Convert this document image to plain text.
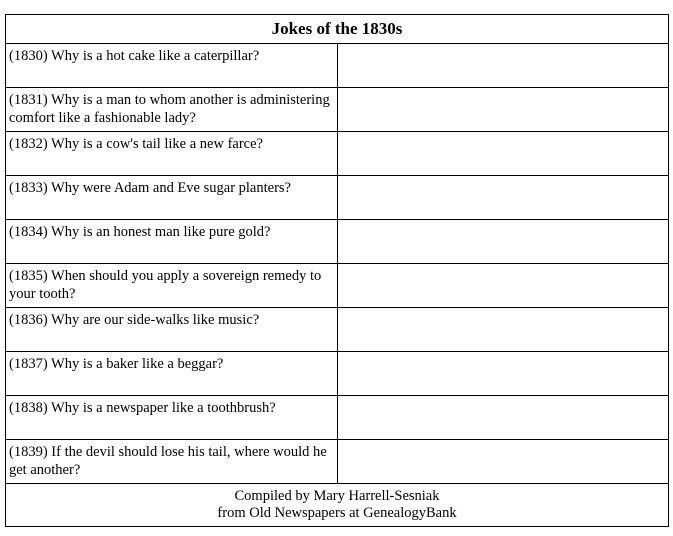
Jokes of the 1830s	
(1830) Why is a hot cake like a caterpillar?	
(1831) Why is a man to whom another is administering comfort like a fashionable lady?	
(1832) Why is a cow's tail like a new farce?	
(1833) Why were Adam and Eve sugar planters?	
(1834) Why is an honest man like pure gold?	
(1835) When should you apply a sovereign remedy to your tooth?	
(1836) Why are our side-walks like music?	
(1837) Why is a baker like a beggar?	
(1838) Why is a newspaper like a toothbrush?	
(1839) If the devil should lose his tail, where would he get another?	

Compiled by Mary Harrell-Sesniak
from Old Newspapers at GenealogyBank	
